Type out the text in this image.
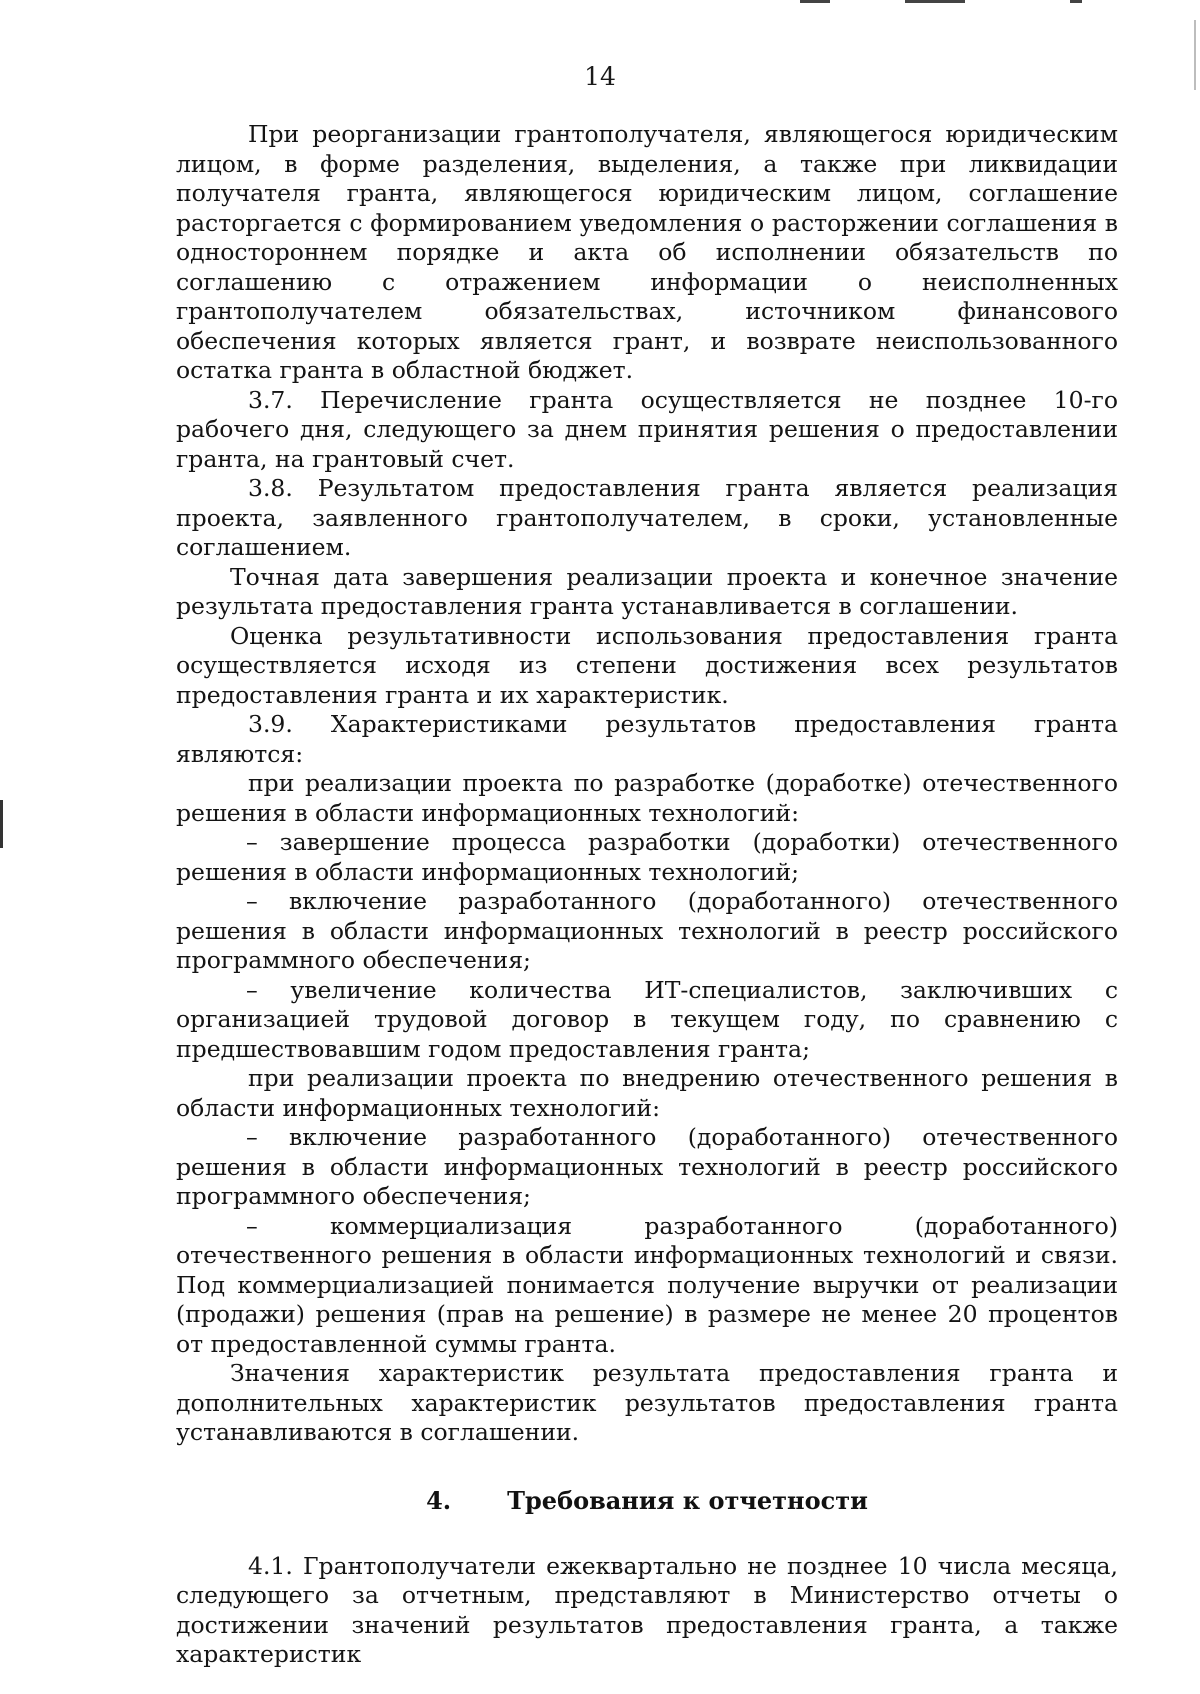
14

При реорганизации грантополучателя, являющегося юридическим лицом, в форме разделения, выделения, а также при ликвидации получателя гранта, являющегося юридическим лицом, соглашение расторгается с формированием уведомления о расторжении соглашения в одностороннем порядке и акта об исполнении обязательств по соглашению с отражением информации о неисполненных грантополучателем обязательствах, источником финансового обеспечения которых является грант, и возврате неиспользованного остатка гранта в областной бюджет.

3.7. Перечисление гранта осуществляется не позднее 10-го рабочего дня, следующего за днем принятия решения о предоставлении гранта, на грантовый счет.

3.8. Результатом предоставления гранта является реализация проекта, заявленного грантополучателем, в сроки, установленные соглашением.

Точная дата завершения реализации проекта и конечное значение результата предоставления гранта устанавливается в соглашении.

Оценка результативности использования предоставления гранта осуществляется исходя из степени достижения всех результатов предоставления гранта и их характеристик.

3.9. Характеристиками результатов предоставления гранта являются:

при реализации проекта по разработке (доработке) отечественного решения в области информационных технологий:

– завершение процесса разработки (доработки) отечественного решения в области информационных технологий;

– включение разработанного (доработанного) отечественного решения в области информационных технологий в реестр российского программного обеспечения;

– увеличение количества ИТ-специалистов, заключивших с организацией трудовой договор в текущем году, по сравнению с предшествовавшим годом предоставления гранта;

при реализации проекта по внедрению отечественного решения в области информационных технологий:

– включение разработанного (доработанного) отечественного решения в области информационных технологий в реестр российского программного обеспечения;

– коммерциализация разработанного (доработанного) отечественного решения в области информационных технологий и связи. Под коммерциализацией понимается получение выручки от реализации (продажи) решения (прав на решение) в размере не менее 20 процентов от предоставленной суммы гранта.

Значения характеристик результата предоставления гранта и дополнительных характеристик результатов предоставления гранта устанавливаются в соглашении.

4. Требования к отчетности

4.1. Грантополучатели ежеквартально не позднее 10 числа месяца, следующего за отчетным, представляют в Министерство отчеты о достижении значений результатов предоставления гранта, а также характеристик
